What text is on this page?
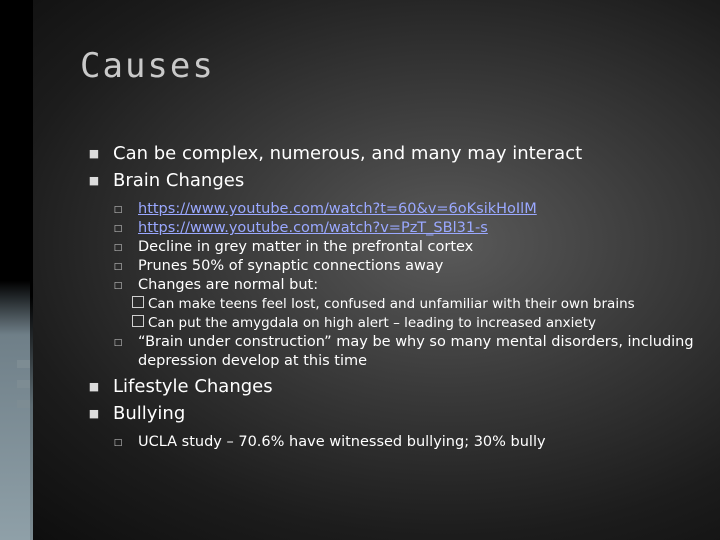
Causes
■ Can be complex, numerous, and many may interact
■ Brain Changes
□ https://www.youtube.com/watch?t=60&v=6oKsikHoIlM
□ https://www.youtube.com/watch?v=PzT_SBl31-s
□ Decline in grey matter in the prefrontal cortex
□ Prunes 50% of synaptic connections away
□ Changes are normal but:
Can make teens feel lost, confused and unfamiliar with their own brains
Can put the amygdala on high alert – leading to increased anxiety
□ “Brain under construction” may be why so many mental disorders, including depression develop at this time
■ Lifestyle Changes
■ Bullying
□ UCLA study – 70.6% have witnessed bullying; 30% bully
